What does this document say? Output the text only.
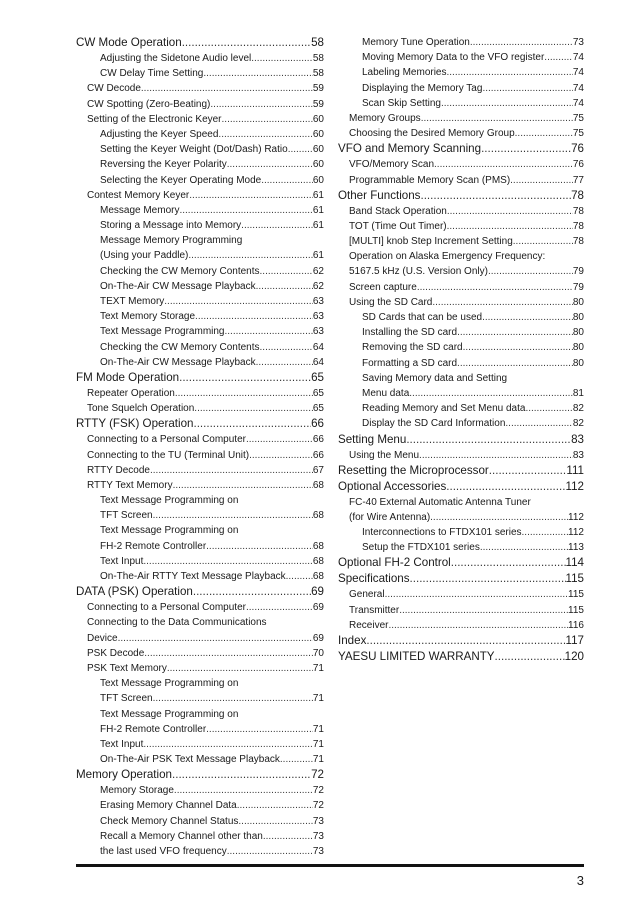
CW Mode Operation .....	58
Adjusting the Sidetone Audio level .....	58
CW Delay Time Setting .....	58
CW Decode .....	59
CW Spotting (Zero-Beating) .....	59
Setting of the Electronic Keyer .....	60
Adjusting the Keyer Speed .....	60
Setting the Keyer Weight (Dot/Dash) Ratio .....	60
Reversing the Keyer Polarity .....	60
Selecting the Keyer Operating Mode .....	60
Contest Memory Keyer .....	61
Message Memory .....	61
Storing a Message into Memory .....	61
Message Memory Programming
(Using your Paddle) .....	61
Checking the CW Memory Contents .....	62
On-The-Air CW Message Playback .....	62
TEXT Memory .....	63
Text Memory Storage .....	63
Text Message Programming .....	63
Checking the CW Memory Contents .....	64
On-The-Air CW Message Playback .....	64
FM Mode Operation .....	65
Repeater Operation .....	65
Tone Squelch Operation .....	65
RTTY (FSK) Operation .....	66
Connecting to a Personal Computer .....	66
Connecting to the TU (Terminal Unit) .....	66
RTTY Decode .....	67
RTTY Text Memory .....	68
Text Message Programming on
TFT Screen .....	68
Text Message Programming on
FH-2 Remote Controller .....	68
Text Input .....	68
On-The-Air RTTY Text Message Playback .....	68
DATA (PSK) Operation .....	69
Connecting to a Personal Computer .....	69
Connecting to the Data Communications
Device .....	69
PSK Decode .....	70
PSK Text Memory .....	71
Text Message Programming on
TFT Screen .....	71
Text Message Programming on
FH-2 Remote Controller .....	71
Text Input .....	71
On-The-Air PSK Text Message Playback .....	71
Memory Operation .....	72
Memory Storage .....	72
Erasing Memory Channel Data .....	72
Check Memory Channel Status .....	73
Recall a Memory Channel other than .....	73
the last used VFO frequency .....	73
Memory Tune Operation .....	73
Moving Memory Data to the VFO register .....	74
Labeling Memories .....	74
Displaying the Memory Tag .....	74
Scan Skip Setting .....	74
Memory Groups .....	75
Choosing the Desired Memory Group .....	75
VFO and Memory Scanning .....	76
VFO/Memory Scan .....	76
Programmable Memory Scan (PMS) .....	77
Other Functions .....	78
Band Stack Operation .....	78
TOT (Time Out Timer) .....	78
[MULTI] knob Step Increment Setting .....	78
Operation on Alaska Emergency Frequency:
5167.5 kHz (U.S. Version Only) .....	79
Screen capture .....	79
Using the SD Card .....	80
SD Cards that can be used .....	80
Installing the SD card .....	80
Removing the SD card .....	80
Formatting a SD card .....	80
Saving Memory data and Setting
Menu data .....	81
Reading Memory and Set Menu data .....	82
Display the SD Card Information .....	82
Setting Menu .....	83
Using the Menu .....	83
Resetting the Microprocessor .....	111
Optional Accessories .....	112
FC-40 External Automatic Antenna Tuner
(for Wire Antenna) .....	112
Interconnections to FTDX101 series .....	112
Setup the FTDX101 series .....	113
Optional FH-2 Control .....	114
Specifications .....	115
General .....	115
Transmitter .....	115
Receiver .....	116
Index .....	117
YAESU LIMITED WARRANTY .....	120
3
